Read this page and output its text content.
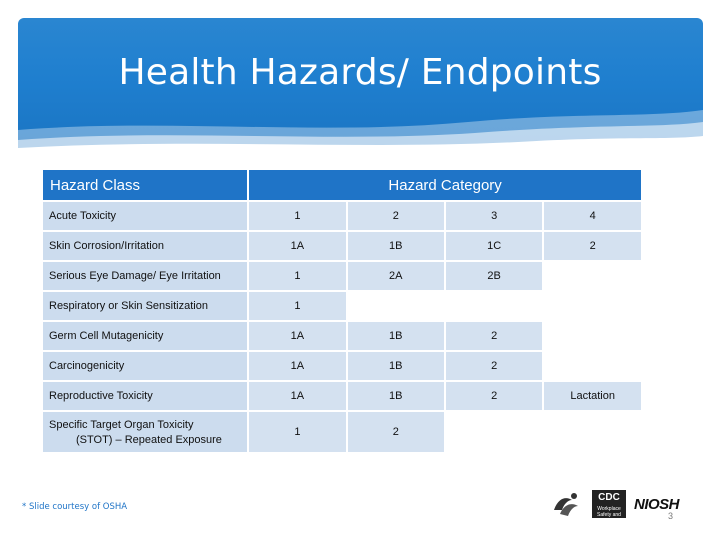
Health Hazards/ Endpoints
Hazard Class	Hazard Category			
Acute Toxicity	1	2	3	4
Skin Corrosion/Irritation	1A	1B	1C	2
Serious Eye Damage/ Eye Irritation	1	2A	2B	
Respiratory or Skin Sensitization	1			
Germ Cell Mutagenicity	1A	1B	2	
Carcinogenicity	1A	1B	2	
Reproductive Toxicity	1A	1B	2	Lactation

Specific Target Organ Toxicity
(STOT) – Repeated Exposure	1	2		
* Slide courtesy of OSHA
CDC
Workplace Safety and Health
NIOSH
3
